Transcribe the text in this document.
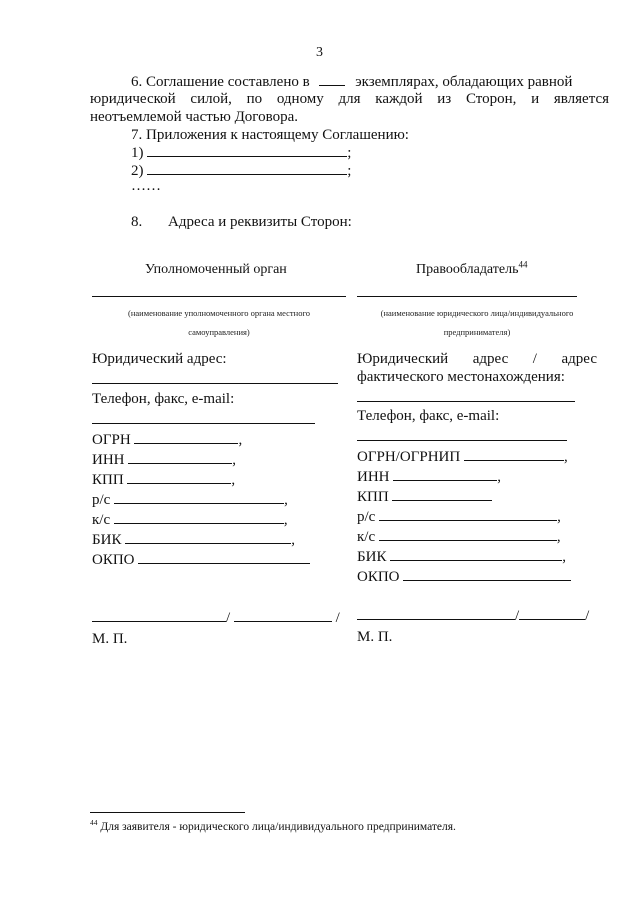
3
6. Соглашение составлено в	экземплярах, обладающих равной
юридической силой, по одному для каждой из Сторон, и является
неотъемлемой частью Договора.
7. Приложения к настоящему Соглашению:
1)	;
2)	;
……
8. Адреса и реквизиты Сторон:
Уполномоченный орган
(наименование уполномоченного органа местного
самоуправления)
Юридический адрес:
Телефон, факс, e-mail:
ОГРН	,
ИНН	,
КПП	,
р/с	,
к/с	,
БИК	,
ОКПО
/	/
М. П.
Правообладатель$^{44}$
(наименование юридического лица/индивидуального
предпринимателя)
Юридический адрес / адрес
фактического местонахождения:
Телефон, факс, e-mail:
ОГРН/ОГРНИП	,
ИНН	,
КПП
р/с	,
к/с	,
БИК	,
ОКПО
/	/
М. П.
$^{44}$ Для заявителя - юридического лица/индивидуального предпринимателя.
